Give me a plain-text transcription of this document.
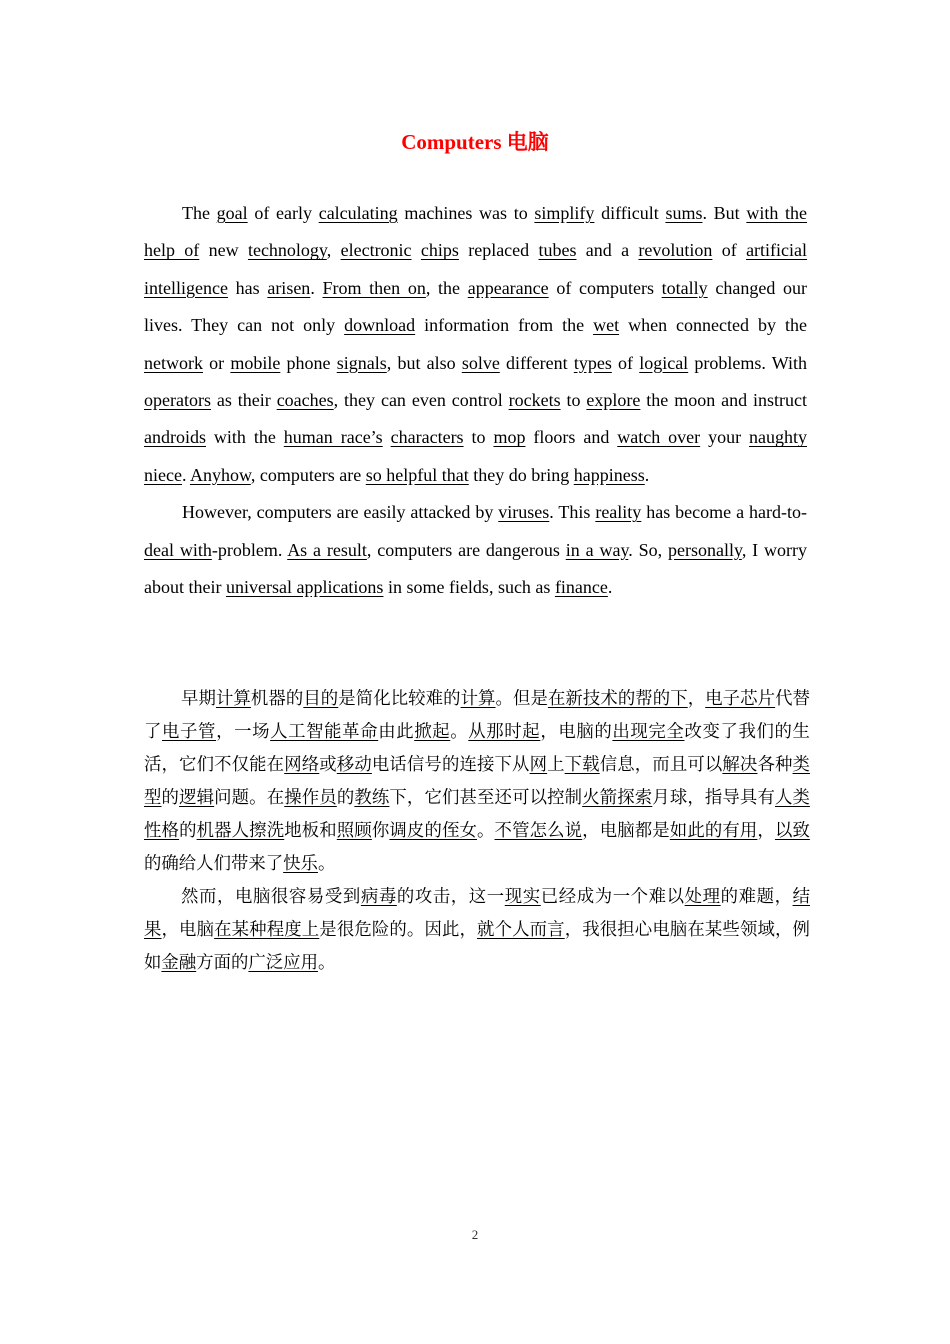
Computers 电脑

The goal of early calculating machines was to simplify difficult sums. But with the help of new technology, electronic chips replaced tubes and a revolution of artificial intelligence has arisen. From then on, the appearance of computers totally changed our lives. They can not only download information from the wet when connected by the network or mobile phone signals, but also solve different types of logical problems. With operators as their coaches, they can even control rockets to explore the moon and instruct androids with the human race’s characters to mop floors and watch over your naughty niece. Anyhow, computers are so helpful that they do bring happiness.

However, computers are easily attacked by viruses. This reality has become a hard-to-deal with-problem. As a result, computers are dangerous in a way. So, personally, I worry about their universal applications in some fields, such as finance.

早期计算机器的目的是简化比较难的计算。但是在新技术的帮的下，电子芯片代替了电子管，一场人工智能革命由此掀起。从那时起，电脑的出现完全改变了我们的生活，它们不仅能在网络或移动电话信号的连接下从网上下载信息，而且可以解决各种类型的逻辑问题。在操作员的教练下，它们甚至还可以控制火箭探索月球，指导具有人类性格的机器人擦洗地板和照顾你调皮的侄女。不管怎么说，电脑都是如此的有用，以致的确给人们带来了快乐。

然而，电脑很容易受到病毒的攻击，这一现实已经成为一个难以处理的难题，结果，电脑在某种程度上是很危险的。因此，就个人而言，我很担心电脑在某些领域，例如金融方面的广泛应用。

2
